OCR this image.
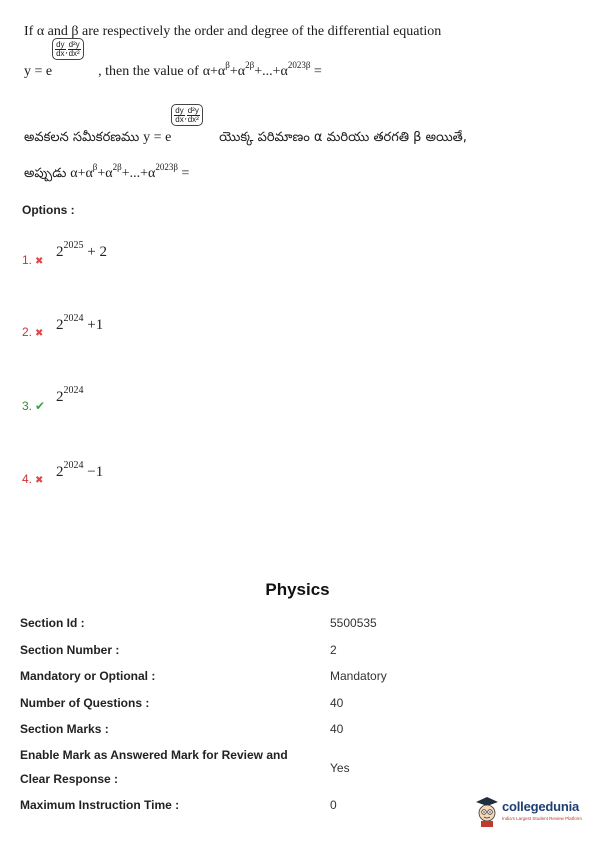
If α and β are respectively the order and degree of the differential equation
y = e
$\frac{dy}{dx}$ , $\frac{\text{d²y}}{\text{dx²}}$
, then the value of $\alpha+\alpha^\beta+\alpha^{2\beta}+...+\alpha^{2023\beta}$ =
అవకలన సమీకరణము y = e
$\frac{dy}{dx}$ , $\frac{\text{d²y}}{\text{dx²}}$
యొక్క పరిమాణం α మరియు తరగతి β అయితే,
అప్పుడు $\alpha+\alpha^\beta+\alpha^{2\beta}+...+\alpha^{2023\beta}$ =
Options :
1. ✖
$2^{2025} + 2$
2. ✖
$2^{2024} +1$
3. ✔
$2^{2024}$
4. ✖
$2^{2024} -1$
Physics
Section Id :	5500535
Section Number :	2
Mandatory or Optional :	Mandatory
Number of Questions :	40
Section Marks :	40
Enable Mark as Answered Mark for Review and
Clear Response :
Yes
Maximum Instruction Time :	0	collegedunia
India's Largest Student Review Platform
